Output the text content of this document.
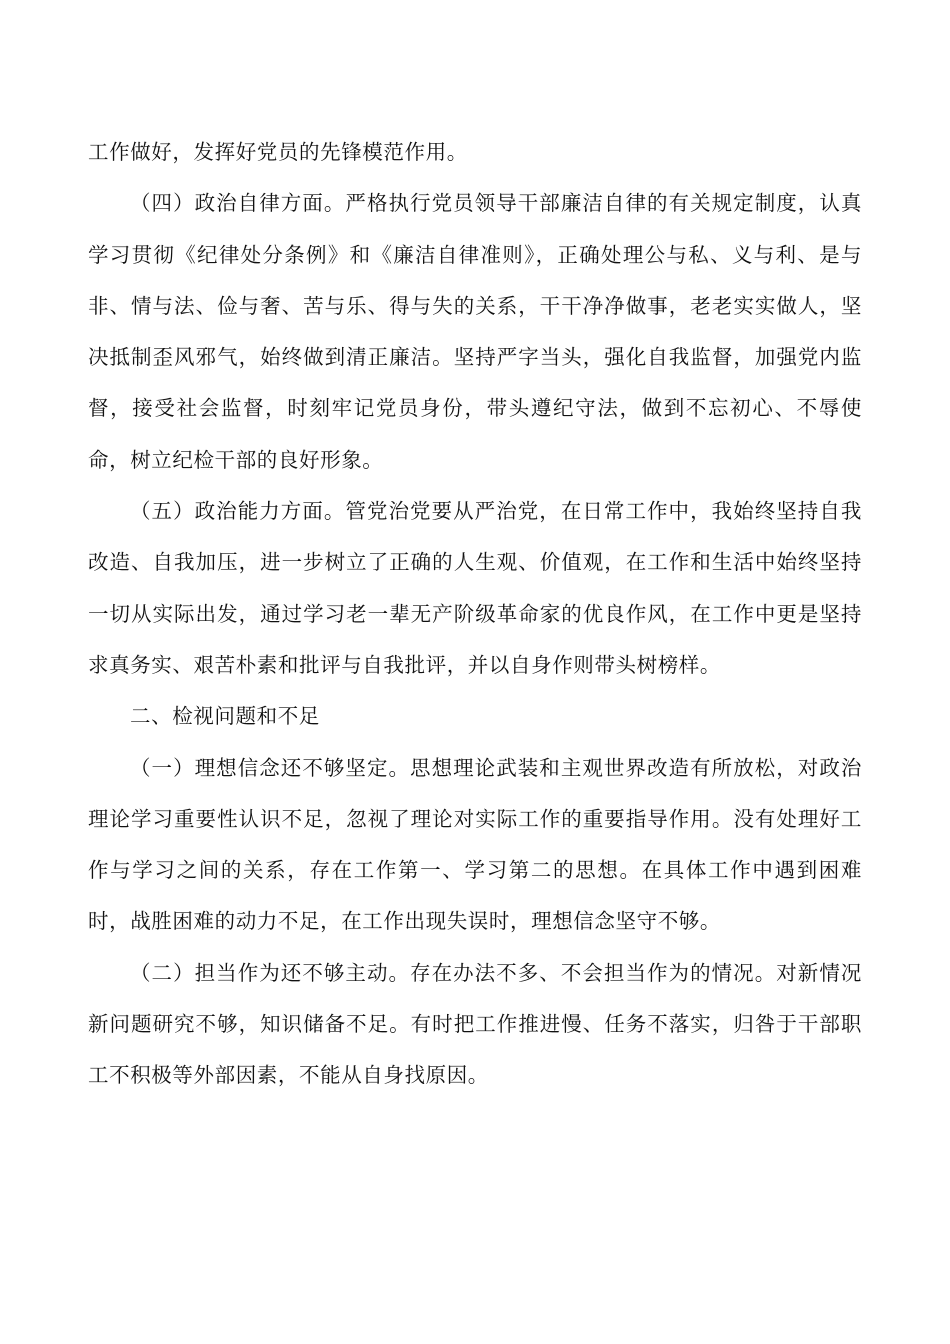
工作做好，发挥好党员的先锋模范作用。

（四）政治自律方面。严格执行党员领导干部廉洁自律的有关规定制度，认真学习贯彻《纪律处分条例》和《廉洁自律准则》，正确处理公与私、义与利、是与非、情与法、俭与奢、苦与乐、得与失的关系，干干净净做事，老老实实做人，坚决抵制歪风邪气，始终做到清正廉洁。坚持严字当头，强化自我监督，加强党内监督，接受社会监督，时刻牢记党员身份，带头遵纪守法，做到不忘初心、不辱使命，树立纪检干部的良好形象。

（五）政治能力方面。管党治党要从严治党，在日常工作中，我始终坚持自我改造、自我加压，进一步树立了正确的人生观、价值观，在工作和生活中始终坚持一切从实际出发，通过学习老一辈无产阶级革命家的优良作风，在工作中更是坚持求真务实、艰苦朴素和批评与自我批评，并以自身作则带头树榜样。

二、检视问题和不足

（一）理想信念还不够坚定。思想理论武装和主观世界改造有所放松，对政治理论学习重要性认识不足，忽视了理论对实际工作的重要指导作用。没有处理好工作与学习之间的关系，存在工作第一、学习第二的思想。在具体工作中遇到困难时，战胜困难的动力不足，在工作出现失误时，理想信念坚守不够。

（二）担当作为还不够主动。存在办法不多、不会担当作为的情况。对新情况新问题研究不够，知识储备不足。有时把工作推进慢、任务不落实，归咎于干部职工不积极等外部因素，不能从自身找原因。
